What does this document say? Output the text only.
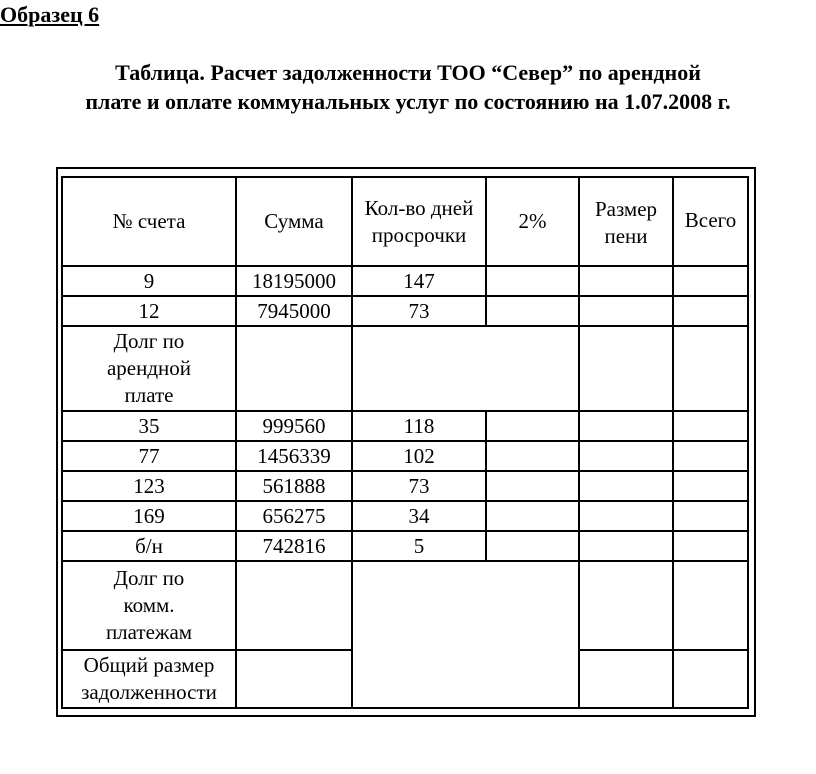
Образец 6
Таблица. Расчет задолженности ТОО “Север” по арендной
плате и оплате коммунальных услуг по состоянию на 1.07.2008 г.
№ счета	Сумма	Кол-во дней просрочки	2%	Размер пени	Всего
9	18195000	147			
12	7945000	73			
Долг по арендной плате					
35	999560	118			
77	1456339	102			
123	561888	73			
169	656275	34			
б/н	742816	5			
Долг по комм. платежам					
Общий размер задолженности					
